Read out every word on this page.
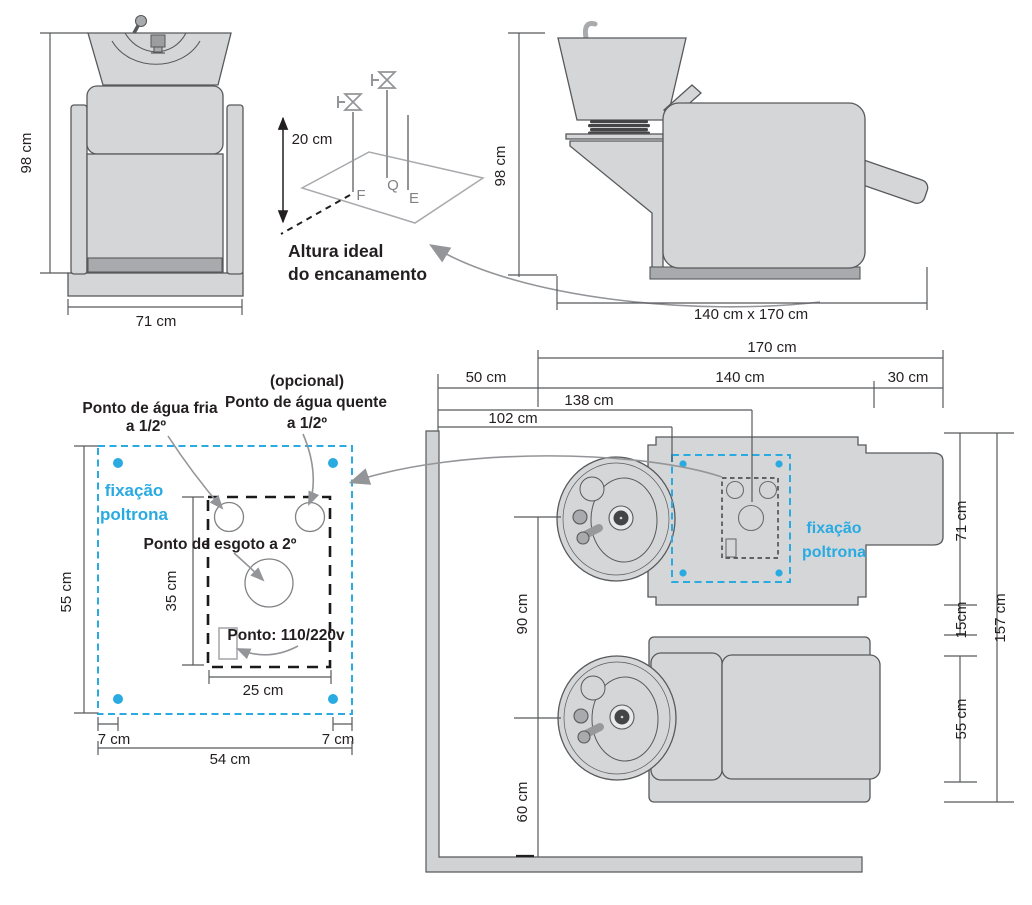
98 cm
71 cm
20 cm
F
Q
E
Altura ideal
do encanamento
98 cm
140 cm x 170 cm
fixação
poltrona
Ponto de água fria
a 1/2º
(opcional)
Ponto de água quente
a 1/2º
Ponto de esgoto a 2º
Ponto: 110/220v
55 cm	35 cm
25 cm
7 cm	7 cm
54 cm
fixação
poltrona
170 cm
50 cm	140 cm	30 cm
138 cm
102 cm
90 cm
60 cm
71 cm
15cm
55 cm
157 cm
